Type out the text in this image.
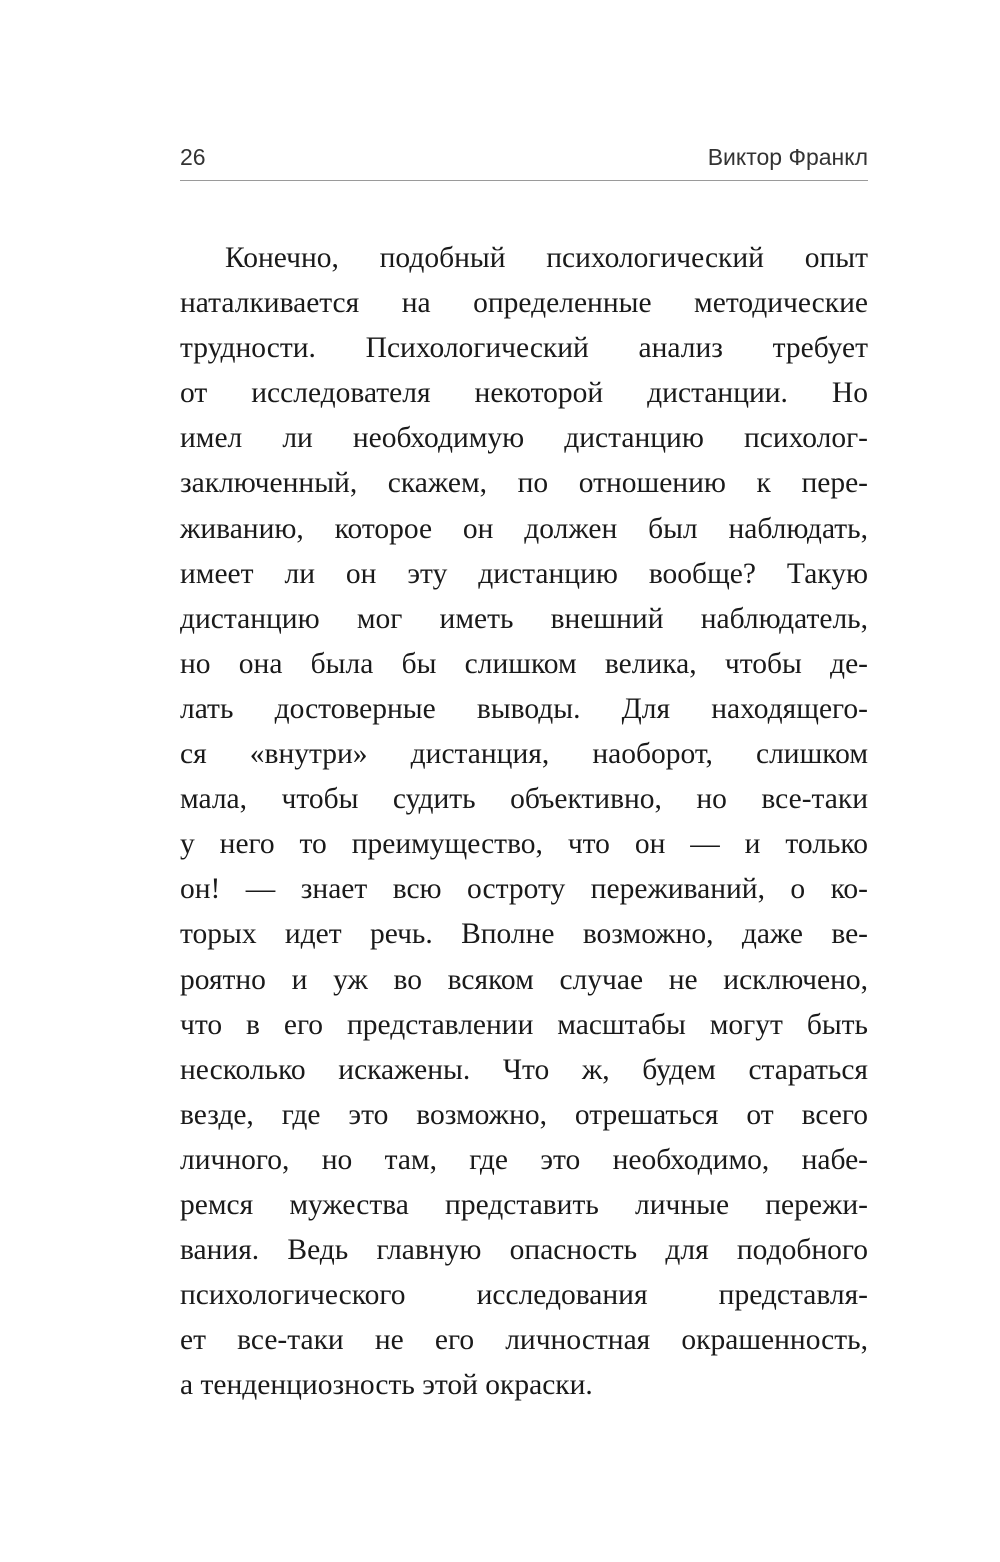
26	Виктор Франкл
Конечно, подобный психологический опыт
наталкивается на определенные методические
трудности. Психологический анализ требует
от исследователя некоторой дистанции. Но
имел ли необходимую дистанцию психолог-
заключенный, скажем, по отношению к пере-
живанию, которое он должен был наблюдать,
имеет ли он эту дистанцию вообще? Такую
дистанцию мог иметь внешний наблюдатель,
но она была бы слишком велика, чтобы де-
лать достоверные выводы. Для находящего-
ся «внутри» дистанция, наоборот, слишком
мала, чтобы судить объективно, но все-таки
у него то преимущество, что он — и только
он! — знает всю остроту переживаний, о ко-
торых идет речь. Вполне возможно, даже ве-
роятно и уж во всяком случае не исключено,
что в его представлении масштабы могут быть
несколько искажены. Что ж, будем стараться
везде, где это возможно, отрешаться от всего
личного, но там, где это необходимо, набе-
ремся мужества представить личные пережи-
вания. Ведь главную опасность для подобного
психологического исследования представля-
ет все-таки не его личностная окрашенность,
а тенденциозность этой окраски.
